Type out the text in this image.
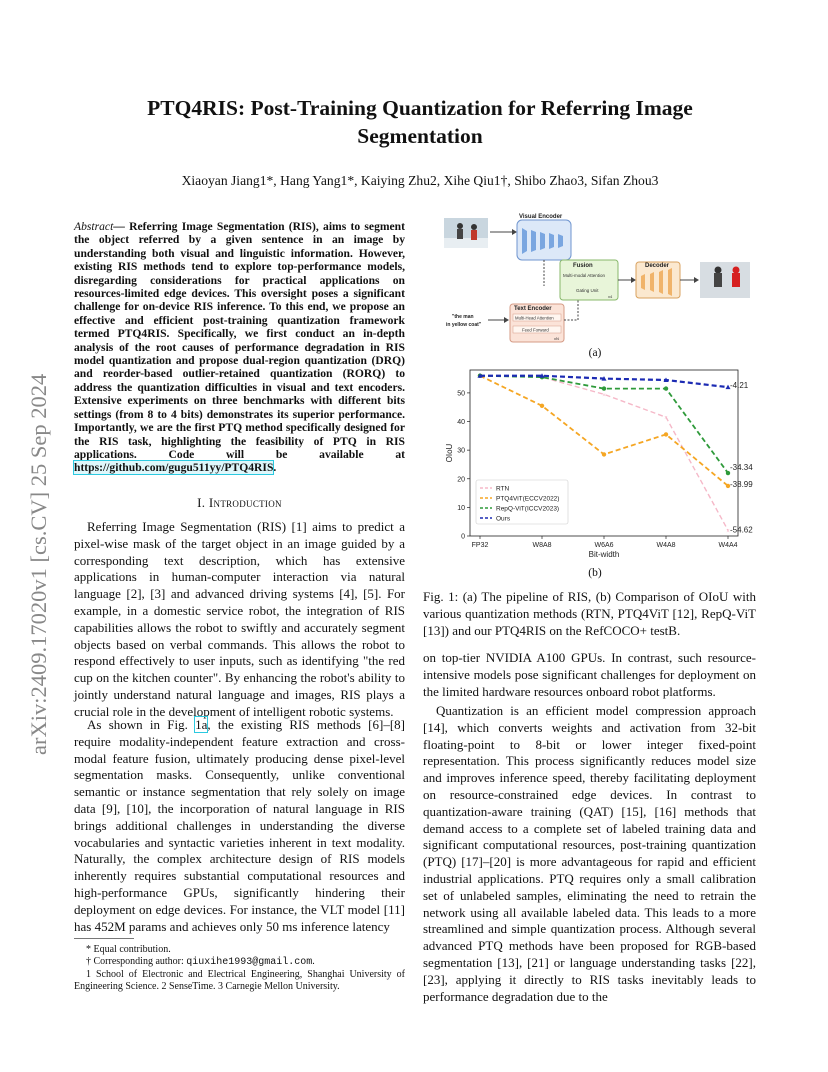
arXiv:2409.17020v1 [cs.CV] 25 Sep 2024
PTQ4RIS: Post-Training Quantization for Referring Image Segmentation
Xiaoyan Jiang1*, Hang Yang1*, Kaiying Zhu2, Xihe Qiu1†, Shibo Zhao3, Sifan Zhou3
Abstract— Referring Image Segmentation (RIS), aims to segment the object referred by a given sentence in an image by understanding both visual and linguistic information. However, existing RIS methods tend to explore top-performance models, disregarding considerations for practical applications on resources-limited edge devices. This oversight poses a significant challenge for on-device RIS inference. To this end, we propose an effective and efficient post-training quantization framework termed PTQ4RIS. Specifically, we first conduct an in-depth analysis of the root causes of performance degradation in RIS model quantization and propose dual-region quantization (DRQ) and reorder-based outlier-retained quantization (RORQ) to address the quantization difficulties in visual and text encoders. Extensive experiments on three benchmarks with different bits settings (from 8 to 4 bits) demonstrates its superior performance. Importantly, we are the first PTQ method specifically designed for the RIS task, highlighting the feasibility of PTQ in RIS applications. Code will be available at https://github.com/gugu511yy/PTQ4RIS.
I. Introduction
Referring Image Segmentation (RIS) [1] aims to predict a pixel-wise mask of the target object in an image guided by a corresponding text description, which has extensive applications in human-computer interaction via natural language [2], [3] and advanced driving systems [4], [5]. For example, in a domestic service robot, the integration of RIS capabilities allows the robot to swiftly and accurately segment objects based on verbal commands. This allows the robot to respond effectively to user inputs, such as identifying "the red cup on the kitchen counter". By enhancing the robot's ability to jointly understand natural language and images, RIS plays a crucial role in the development of intelligent robotic systems.
As shown in Fig. 1a, the existing RIS methods [6]–[8] require modality-independent feature extraction and cross-modal feature fusion, ultimately producing dense pixel-level segmentation masks. Consequently, unlike conventional semantic or instance segmentation that rely solely on image data [9], [10], the incorporation of natural language in RIS brings additional challenges in understanding the diverse vocabularies and syntactic varieties inherent in text modality. Naturally, the complex architecture design of RIS models inherently requires substantial computational resources and high-performance GPUs, significantly hindering their deployment on edge devices. For instance, the VLT model [11] has 452M params and achieves only 50 ms inference latency
* Equal contribution.
† Corresponding author: qiuxihe1993@gmail.com.
1 School of Electronic and Electrical Engineering, Shanghai University of Engineering Science. 2 SenseTime. 3 Carnegie Mellon University.
Visual Encoder
Fusion
Multi-modal Attention
Gating Unit
x4
Decoder
"the man
in yellow coat"
Text Encoder
Multi-Head Attention
Feed Forward
xN
(a)
0
10
20
30
40
50
FP32	W8A8	W6A6	W4A8	W4A4
Bit-width
OIoU
×
×
×
-4.21
-34.34
-38.99
-54.62
RTN
PTQ4ViT(ECCV2022)
RepQ-ViT(ICCV2023)
Ours
(b)
Fig. 1: (a) The pipeline of RIS, (b) Comparison of OIoU with various quantization methods (RTN, PTQ4ViT [12], RepQ-ViT [13]) and our PTQ4RIS on the RefCOCO+ testB.
on top-tier NVIDIA A100 GPUs. In contrast, such resource-intensive models pose significant challenges for deployment on the limited hardware resources onboard robot platforms.
Quantization is an efficient model compression approach [14], which converts weights and activation from 32-bit floating-point to 8-bit or lower integer fixed-point representation. This process significantly reduces model size and improves inference speed, thereby facilitating deployment on resource-constrained edge devices. In contrast to quantization-aware training (QAT) [15], [16] methods that demand access to a complete set of labeled training data and significant computational resources, post-training quantization (PTQ) [17]–[20] is more advantageous for rapid and efficient industrial applications. PTQ requires only a small calibration set of unlabeled samples, eliminating the need to retrain the network using all available labeled data. This leads to a more streamlined and simple quantization process. Although several advanced PTQ methods have been proposed for RGB-based segmentation [13], [21] or language understanding tasks [22], [23], applying it directly to RIS tasks inevitably leads to performance degradation due to the
